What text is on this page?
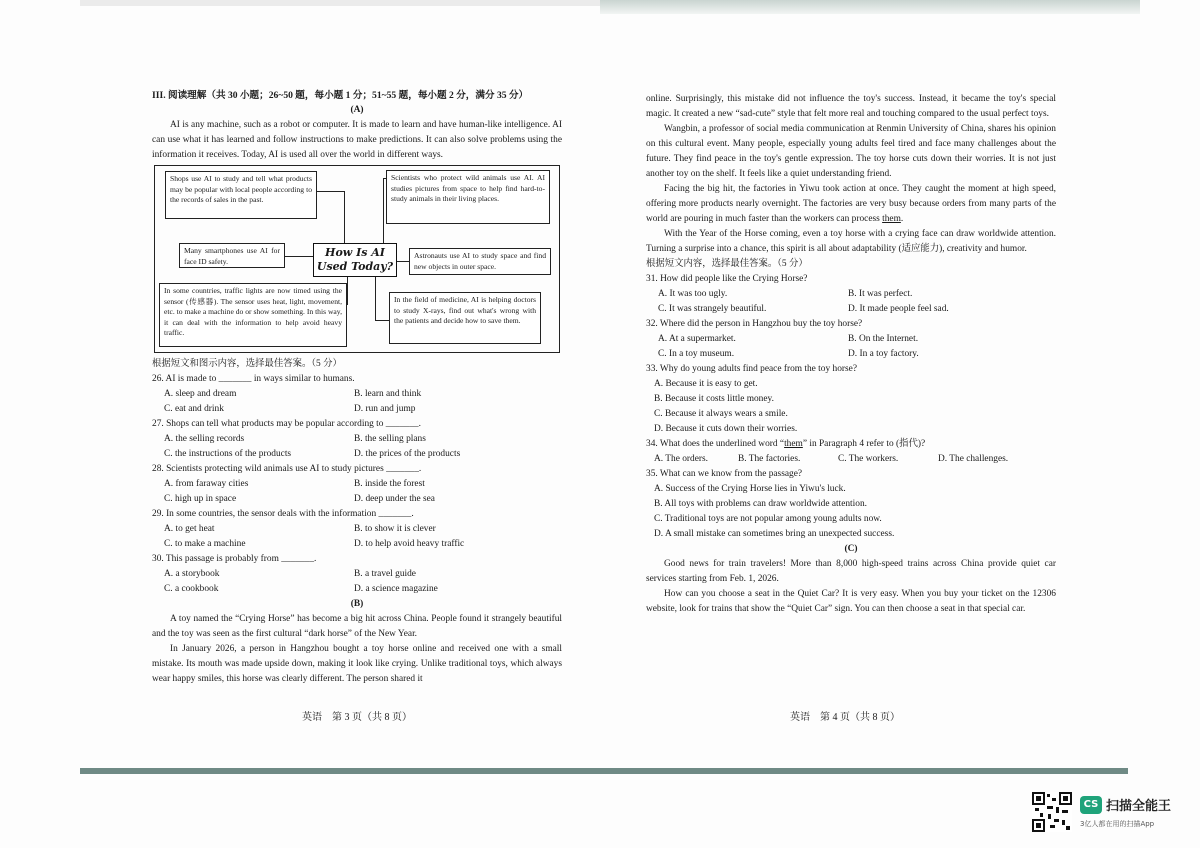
III. 阅读理解（共 30 小题；26~50 题，每小题 1 分；51~55 题，每小题 2 分，满分 35 分）

(A)

AI is any machine, such as a robot or computer. It is made to learn and have human-like intelligence. AI can use what it has learned and follow instructions to make predictions. It can also solve problems using the information it receives. Today, AI is used all over the world in different ways.

Shops use AI to study and tell what products may be popular with local people according to the records of sales in the past.
Scientists who protect wild animals use AI. AI studies pictures from space to help find hard-to-study animals in their living places.
Many smartphones use AI for face ID safety.
How Is AI Used Today?
Astronauts use AI to study space and find new objects in outer space.
In some countries, traffic lights are now timed using the sensor (传感器). The sensor uses heat, light, movement, etc. to make a machine do or show something. In this way, it can deal with the information to help avoid heavy traffic.
In the field of medicine, AI is helping doctors to study X-rays, find out what's wrong with the patients and decide how to save them.

根据短文和图示内容，选择最佳答案。（5 分）

26. AI is made to _______ in ways similar to humans.

A. sleep and dream	B. learn and think
C. eat and drink	D. run and jump

27. Shops can tell what products may be popular according to _______.

A. the selling records	B. the selling plans
C. the instructions of the products	D. the prices of the products

28. Scientists protecting wild animals use AI to study pictures _______.

A. from faraway cities	B. inside the forest
C. high up in space	D. deep under the sea

29. In some countries, the sensor deals with the information _______.

A. to get heat	B. to show it is clever
C. to make a machine	D. to help avoid heavy traffic

30. This passage is probably from _______.

A. a storybook	B. a travel guide
C. a cookbook	D. a science magazine

(B)

A toy named the “Crying Horse” has become a big hit across China. People found it strangely beautiful and the toy was seen as the first cultural “dark horse” of the New Year.

In January 2026, a person in Hangzhou bought a toy horse online and received one with a small mistake. Its mouth was made upside down, making it look like crying. Unlike traditional toys, which always wear happy smiles, this horse was clearly different. The person shared it

英语　第 3 页（共 8 页）

online. Surprisingly, this mistake did not influence the toy's success. Instead, it became the toy's special magic. It created a new “sad-cute” style that felt more real and touching compared to the usual perfect toys.

Wangbin, a professor of social media communication at Renmin University of China, shares his opinion on this cultural event. Many people, especially young adults feel tired and face many challenges about the future. They find peace in the toy's gentle expression. The toy horse cuts down their worries. It is not just another toy on the shelf. It feels like a quiet understanding friend.

Facing the big hit, the factories in Yiwu took action at once. They caught the moment at high speed, offering more products nearly overnight. The factories are very busy because orders from many parts of the world are pouring in much faster than the workers can process them.

With the Year of the Horse coming, even a toy horse with a crying face can draw worldwide attention. Turning a surprise into a chance, this spirit is all about adaptability (适应能力), creativity and humor.

根据短文内容，选择最佳答案。（5 分）

31. How did people like the Crying Horse?

A. It was too ugly.	B. It was perfect.
C. It was strangely beautiful.	D. It made people feel sad.

32. Where did the person in Hangzhou buy the toy horse?

A. At a supermarket.	B. On the Internet.
C. In a toy museum.	D. In a toy factory.

33. Why do young adults find peace from the toy horse?

A. Because it is easy to get.
B. Because it costs little money.
C. Because it always wears a smile.
D. Because it cuts down their worries.

34. What does the underlined word “them” in Paragraph 4 refer to (指代)?

A. The orders.	B. The factories.	C. The workers.	D. The challenges.

35. What can we know from the passage?

A. Success of the Crying Horse lies in Yiwu's luck.
B. All toys with problems can draw worldwide attention.
C. Traditional toys are not popular among young adults now.
D. A small mistake can sometimes bring an unexpected success.

(C)

Good news for train travelers! More than 8,000 high-speed trains across China provide quiet car services starting from Feb. 1, 2026.

How can you choose a seat in the Quiet Car? It is very easy. When you buy your ticket on the 12306 website, look for trains that show the “Quiet Car” sign. You can then choose a seat in that special car.

英语　第 4 页（共 8 页）
CS 扫描全能王
3亿人都在用的扫描App
